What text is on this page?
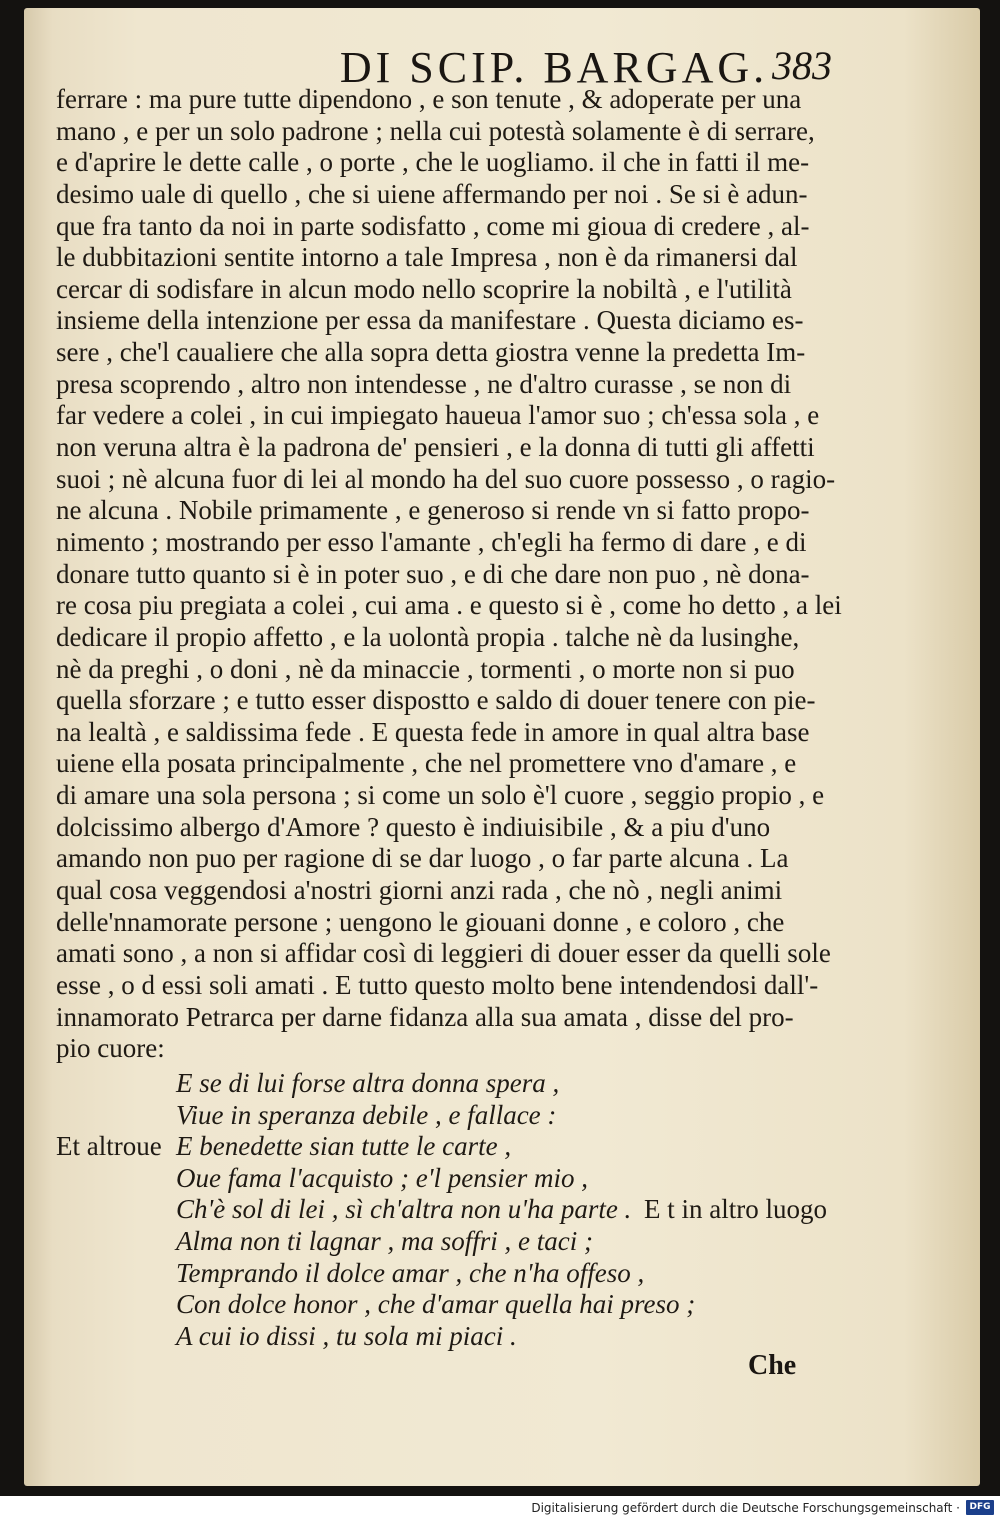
DI SCIP. BARGAG. 383
ferrare : ma pure tutte dipendono , e son tenute , & adoperate per una
mano , e per un solo padrone ; nella cui potestà solamente è di serrare,
e d'aprire le dette calle , o porte , che le uogliamo. il che in fatti il me-
desimo uale di quello , che si uiene affermando per noi . Se si è adun-
que fra tanto da noi in parte sodisfatto , come mi gioua di credere , al-
le dubbitazioni sentite intorno a tale Impresa , non è da rimanersi dal
cercar di sodisfare in alcun modo nello scoprire la nobiltà , e l'utilità
insieme della intenzione per essa da manifestare . Questa diciamo es-
sere , che'l caualiere che alla sopra detta giostra venne la predetta Im-
presa scoprendo , altro non intendesse , ne d'altro curasse , se non di
far vedere a colei , in cui impiegato haueua l'amor suo ; ch'essa sola , e
non veruna altra è la padrona de' pensieri , e la donna di tutti gli affetti
suoi ; nè alcuna fuor di lei al mondo ha del suo cuore possesso , o ragio-
ne alcuna . Nobile primamente , e generoso si rende vn si fatto propo-
nimento ; mostrando per esso l'amante , ch'egli ha fermo di dare , e di
donare tutto quanto si è in poter suo , e di che dare non puo , nè dona-
re cosa piu pregiata a colei , cui ama . e questo si è , come ho detto , a lei
dedicare il propio affetto , e la uolontà propia . talche nè da lusinghe,
nè da preghi , o doni , nè da minaccie , tormenti , o morte non si puo
quella sforzare ; e tutto esser dispostto e saldo di douer tenere con pie-
na lealtà , e saldissima fede . E questa fede in amore in qual altra base
uiene ella posata principalmente , che nel promettere vno d'amare , e
di amare una sola persona ; si come un solo è'l cuore , seggio propio , e
dolcissimo albergo d'Amore ? questo è indiuisibile , & a piu d'uno
amando non puo per ragione di se dar luogo , o far parte alcuna . La
qual cosa veggendosi a'nostri giorni anzi rada , che nò , negli animi
delle'nnamorate persone ; uengono le giouani donne , e coloro , che
amati sono , a non si affidar così di leggieri di douer esser da quelli sole
esse , o d essi soli amati . E tutto questo molto bene intendendosi dall'-
innamorato Petrarca per darne fidanza alla sua amata , disse del pro-
pio cuore:
E se di lui forse altra donna spera ,
Viue in speranza debile , e fallace :
Et altroue E benedette sian tutte le carte ,
Oue fama l'acquisto ; e'l pensier mio ,
Ch'è sol di lei , sì ch'altra non u'ha parte . E t in altro luogo
Alma non ti lagnar , ma soffri , e taci ;
Temprando il dolce amar , che n'ha offeso ,
Con dolce honor , che d'amar quella hai preso ;
A cui io dissi , tu sola mi piaci .
Che
Digitalisierung gefördert durch die Deutsche Forschungsgemeinschaft ·	DFG
